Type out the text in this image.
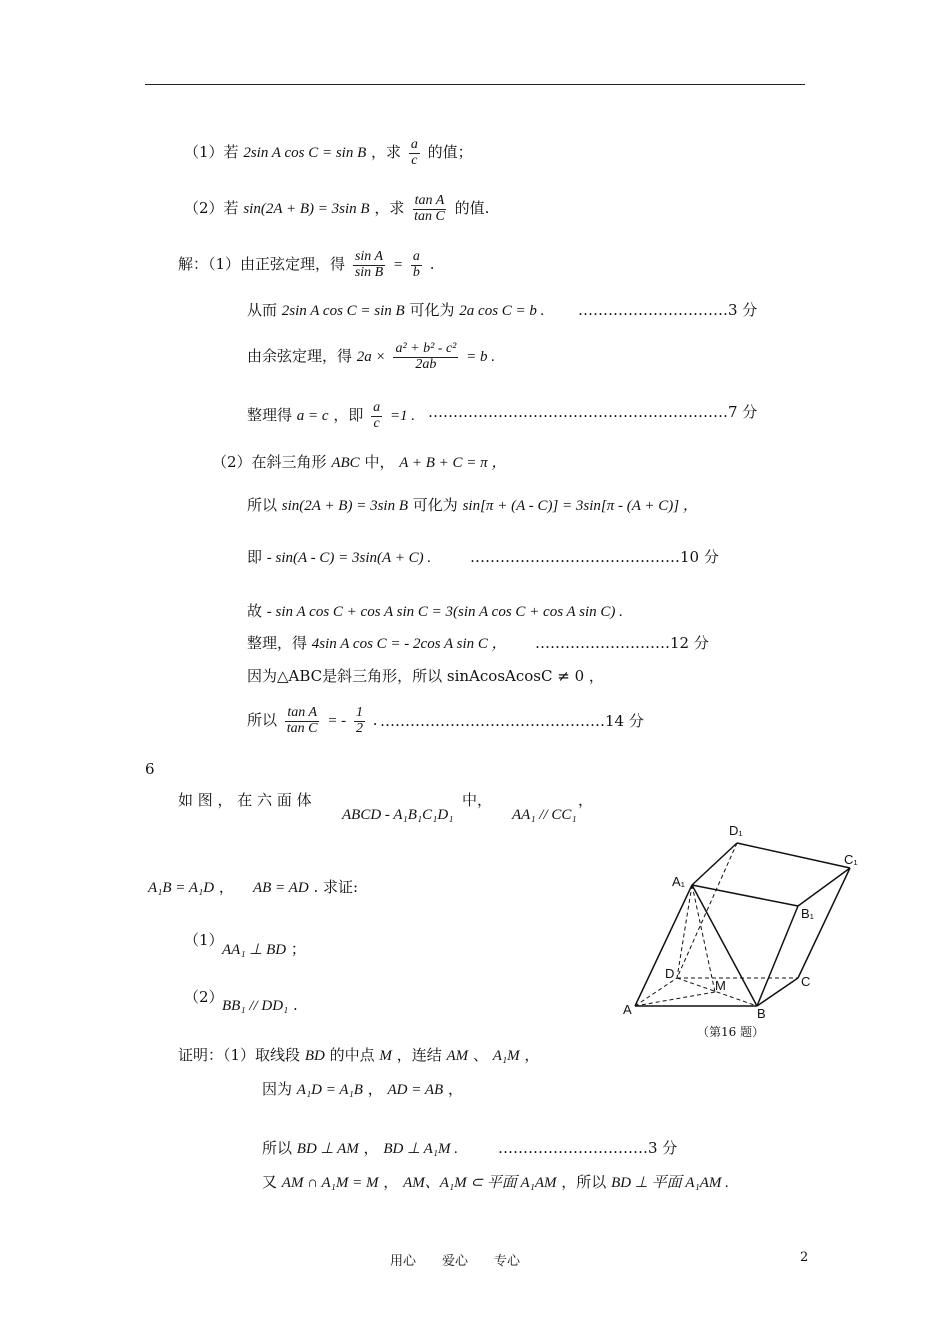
（1）若 2sin A cos C = sin B ，求 $\frac{a}{c}$ 的值；
（2）若 sin(2A + B) = 3sin B ，求 $\frac{\text{tan A}}{\text{tan C}}$ 的值.
解：（1）由正弦定理，得 $\frac{\text{sin A}}{\text{sin B}} = \frac{a}{b}$ .
从而 2sin A cos C = sin B 可化为 2a cos C = b . …………………………3 分
由余弦定理，得 $2a \times \frac{\text{a² + b² - c²}}{2ab} = b$ .
整理得 a = c ，即 $\frac{a}{c} =1$ . ……………………………………………………7 分
（2）在斜三角形 ABC 中， A + B + C = π ，
所以 sin(2A + B) = 3sin B 可化为 sin[π + (A - C)] = 3sin[π - (A + C)] ，
即 - sin(A - C) = 3sin(A + C) .	……………………………………10 分
故 - sin A cos C + cos A sin C = 3(sin A cos C + cos A sin C) .
整理，得 4sin A cos C = - 2cos A sin C ， ………………………12 分
因为△ABC是斜三角形，所以 sinAcosAcosC ≠ 0 ，
所以 $\frac{\text{tan A}}{\text{tan C}}$ = - $\frac{1}{2}$ . ………………………………………14 分
6
如 图 ， 在 六 面 体
ABCD - A₁B₁C₁D₁
中，
AA₁ // CC₁
，
A₁B = A₁D ， AB = AD . 求证:
（1）
AA₁ ⊥ BD ；
（2）
BB₁ // DD₁ .
D₁
C₁
A₁
B₁
D
M	C
A	B
（第16 题）
证明：（1）取线段 BD 的中点 M ，连结 AM 、 A₁M ，
因为 A₁D = A₁B ， AD = AB ，
所以 BD ⊥ AM ， BD ⊥ A₁M .	…………………………3 分
又 AM ∩ A₁M = M ， AM、A₁M ⊂ 平面 A₁AM ，所以 BD ⊥ 平面 A₁AM .
用心　　爱心　　专心	2
